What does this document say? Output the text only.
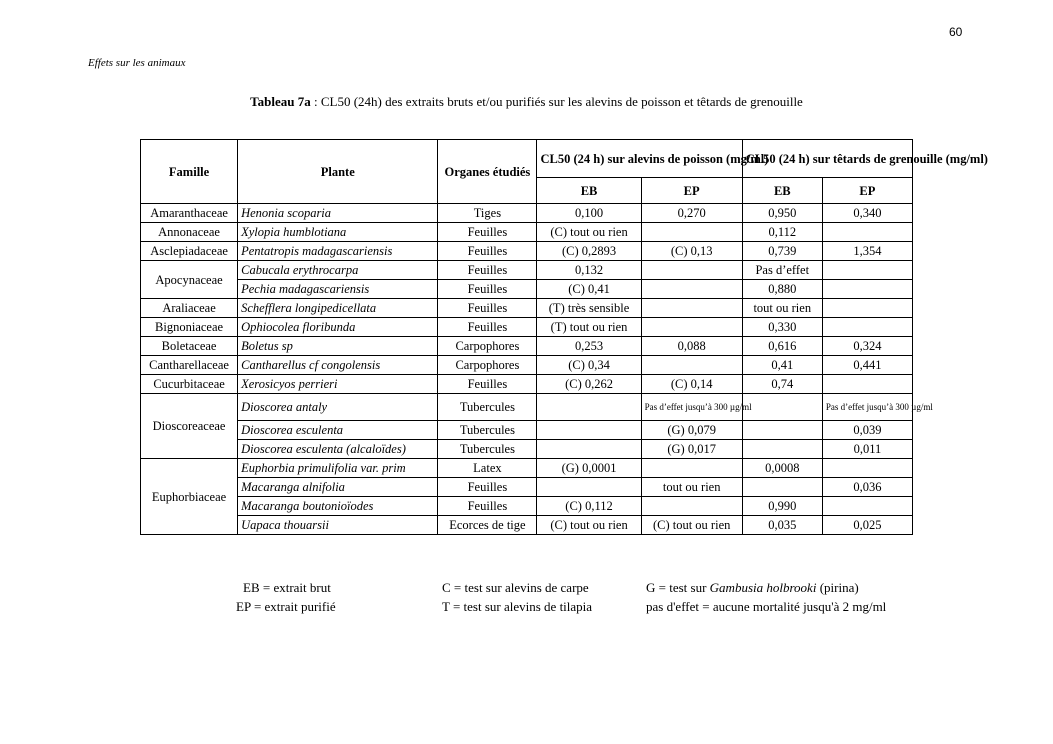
60
Effets sur les animaux
Tableau 7a : CL50 (24h) des extraits bruts et/ou purifiés sur les alevins de poisson et têtards de grenouille
Famille	Plante	Organes étudiés	CL50 (24 h) sur alevins de poisson (mg/ml)		CL50 (24 h) sur têtards de grenouille (mg/ml)	
			EB	EP	EB	EP
Amaranthaceae	Henonia scoparia	Tiges	0,100	0,270	0,950	0,340
Annonaceae	Xylopia humblotiana	Feuilles	(C) tout ou rien		0,112	
Asclepiadaceae	Pentatropis madagascariensis	Feuilles	(C) 0,2893	(C) 0,13	0,739	1,354
Apocynaceae	Cabucala erythrocarpa	Feuilles	0,132		Pas d’effet	
	Pechia madagascariensis	Feuilles	(C) 0,41		0,880	
Araliaceae	Schefflera longipedicellata	Feuilles	(T) très sensible		tout ou rien	
Bignoniaceae	Ophiocolea floribunda	Feuilles	(T) tout ou rien		0,330	
Boletaceae	Boletus sp	Carpophores	0,253	0,088	0,616	0,324
Cantharellaceae	Cantharellus cf congolensis	Carpophores	(C) 0,34		0,41	0,441
Cucurbitaceae	Xerosicyos perrieri	Feuilles	(C) 0,262	(C) 0,14	0,74	
Dioscoreaceae	Dioscorea antaly	Tubercules		Pas d’effet jusqu’à 300 µg/ml		Pas d’effet jusqu’à 300 µg/ml
	Dioscorea esculenta	Tubercules		(G) 0,079		0,039
	Dioscorea esculenta (alcaloïdes)	Tubercules		(G) 0,017		0,011
Euphorbiaceae	Euphorbia primulifolia var. prim	Latex	(G) 0,0001		0,0008	
	Macaranga alnifolia	Feuilles		tout ou rien		0,036
	Macaranga boutonioïodes	Feuilles	(C) 0,112		0,990	
	Uapaca thouarsii	Ecorces de tige	(C) tout ou rien	(C) tout ou rien	0,035	0,025
EB = extrait brut
EP = extrait purifié
C = test sur alevins de carpe
T = test sur alevins de tilapia
G = test sur Gambusia holbrooki (pirina)
pas d'effet = aucune mortalité jusqu'à 2 mg/ml
